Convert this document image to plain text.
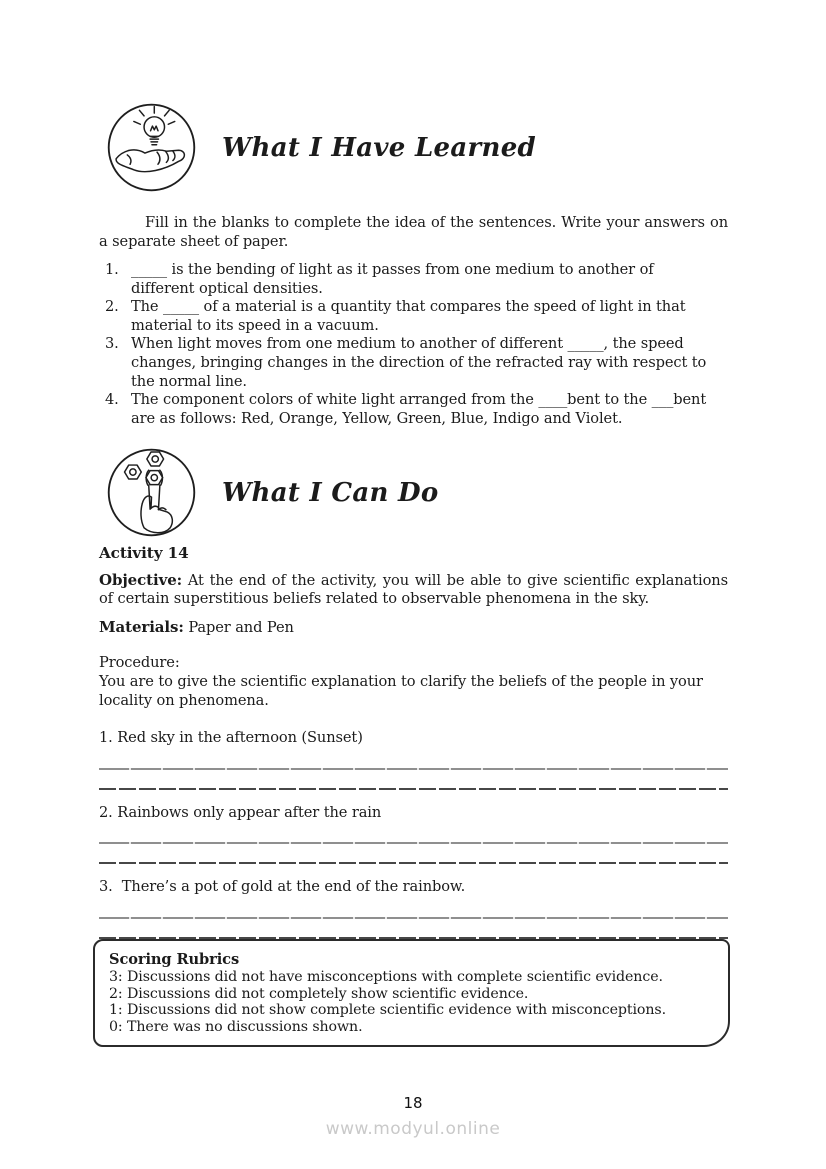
What I Have Learned

Fill in the blanks to complete the idea of the sentences. Write your answers on a separate sheet of paper.

1. _____ is the bending of light as it passes from one medium to another of different optical densities.
2. The _____ of a material is a quantity that compares the speed of light in that material to its speed in a vacuum.
3. When light moves from one medium to another of different _____, the speed changes, bringing changes in the direction of the refracted ray with respect to the normal line.
4. The component colors of white light arranged from the ____bent to the ___bent are as follows: Red, Orange, Yellow, Green, Blue, Indigo and Violet.
What I Can Do

Activity 14

Objective: At the end of the activity, you will be able to give scientific explanations of certain superstitious beliefs related to observable phenomena in the sky.

Materials: Paper and Pen

Procedure:
You are to give the scientific explanation to clarify the beliefs of the people in your locality on phenomena.
1. Red sky in the afternoon (Sunset)
2. Rainbows only appear after the rain
3.  There’s a pot of gold at the end of the rainbow.
Scoring Rubrics
3: Discussions did not have misconceptions with complete scientific evidence.
2: Discussions did not completely show scientific evidence.
1: Discussions did not show complete scientific evidence with misconceptions.
0: There was no discussions shown.
18
www.modyul.online
